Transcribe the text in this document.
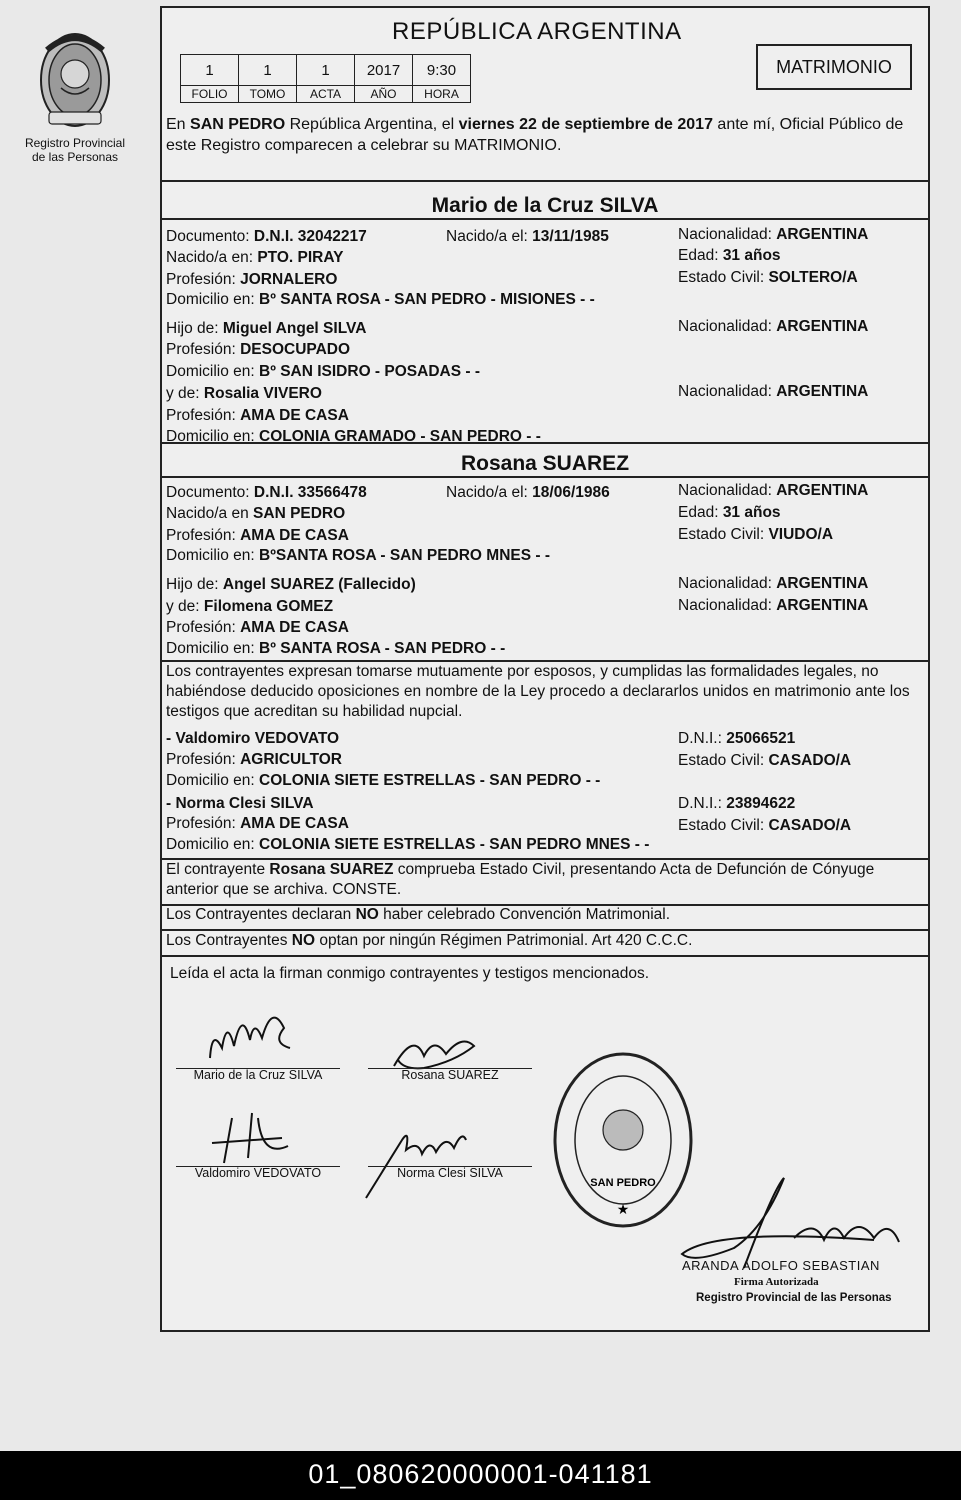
Registro Provincial de las Personas
REPÚBLICA ARGENTINA
1	1	1	2017	9:30
FOLIO	TOMO	ACTA	AÑO	HORA
MATRIMONIO
En SAN PEDRO República Argentina, el viernes 22 de septiembre de 2017 ante mí, Oficial Público de este Registro comparecen a celebrar su MATRIMONIO.
Mario de la Cruz SILVA
Documento: D.N.I. 32042217	Nacido/a el: 13/11/1985	Nacionalidad: ARGENTINA
Nacido/a en: PTO. PIRAY	Edad: 31 años
Profesión: JORNALERO	Estado Civil: SOLTERO/A
Domicilio en: Bº SANTA ROSA - SAN PEDRO - MISIONES - -
Hijo de: Miguel Angel SILVA	Nacionalidad: ARGENTINA
Profesión: DESOCUPADO
Domicilio en: Bº SAN ISIDRO - POSADAS - -
y de: Rosalia VIVERO	Nacionalidad: ARGENTINA
Profesión: AMA DE CASA
Domicilio en: COLONIA GRAMADO - SAN PEDRO - -
Rosana SUAREZ
Documento: D.N.I. 33566478	Nacido/a el: 18/06/1986	Nacionalidad: ARGENTINA
Nacido/a en SAN PEDRO	Edad: 31 años
Profesión: AMA DE CASA	Estado Civil: VIUDO/A
Domicilio en: BºSANTA ROSA - SAN PEDRO MNES - -
Hijo de: Angel SUAREZ (Fallecido)	Nacionalidad: ARGENTINA
y de: Filomena GOMEZ	Nacionalidad: ARGENTINA
Profesión: AMA DE CASA
Domicilio en: Bº SANTA ROSA - SAN PEDRO - -
Los contrayentes expresan tomarse mutuamente por esposos, y cumplidas las formalidades legales, no habiéndose deducido oposiciones en nombre de la Ley procedo a declararlos unidos en matrimonio ante los testigos que acreditan su habilidad nupcial.
- Valdomiro VEDOVATO	D.N.I.: 25066521
Profesión: AGRICULTOR	Estado Civil: CASADO/A
Domicilio en: COLONIA SIETE ESTRELLAS - SAN PEDRO - -
- Norma Clesi SILVA	D.N.I.: 23894622
Profesión: AMA DE CASA	Estado Civil: CASADO/A
Domicilio en: COLONIA SIETE ESTRELLAS - SAN PEDRO MNES - -
El contrayente Rosana SUAREZ comprueba Estado Civil, presentando Acta de Defunción de Cónyuge anterior que se archiva. CONSTE.
Los Contrayentes declaran NO haber celebrado Convención Matrimonial.
Los Contrayentes NO optan por ningún Régimen Patrimonial. Art 420 C.C.C.
Leída el acta la firman conmigo contrayentes y testigos mencionados.
Mario de la Cruz SILVA	Rosana SUAREZ
Valdomiro VEDOVATO	Norma Clesi SILVA
SAN PEDRO
★
ARANDA ADOLFO SEBASTIAN
Firma Autorizada
Registro Provincial de las Personas
01_080620000001-041181
